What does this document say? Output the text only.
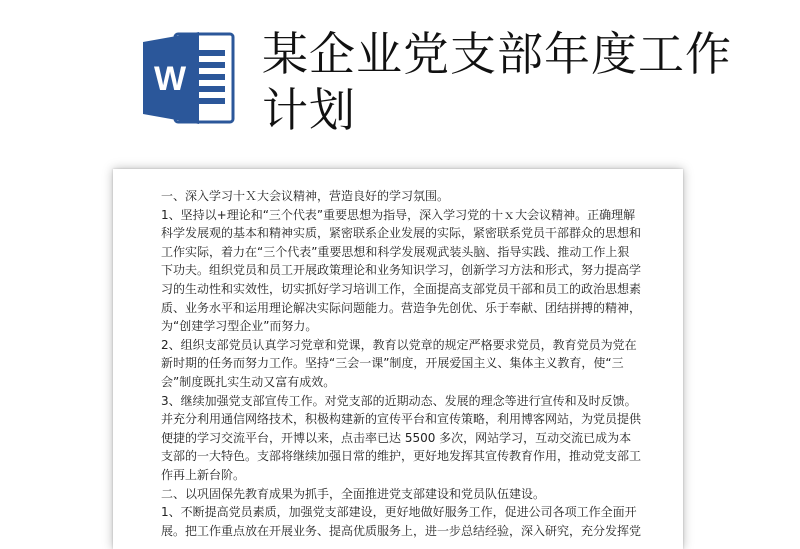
W 某企业党支部年度工作计划

一、深入学习十Ｘ大会议精神，营造良好的学习氛围。

1、坚持以+理论和“三个代表”重要思想为指导，深入学习党的十ｘ大会议精神。正确理解科学发展观的基本和精神实质，紧密联系企业发展的实际，紧密联系党员干部群众的思想和工作实际，着力在“三个代表”重要思想和科学发展观武装头脑、指导实践、推动工作上狠下功夫。组织党员和员工开展政策理论和业务知识学习，创新学习方法和形式，努力提高学习的生动性和实效性，切实抓好学习培训工作，全面提高支部党员干部和员工的政治思想素质、业务水平和运用理论解决实际问题能力。营造争先创优、乐于奉献、团结拼搏的精神，为“创建学习型企业”而努力。

2、组织支部党员认真学习党章和党课，教育以党章的规定严格要求党员，教育党员为党在新时期的任务而努力工作。坚持“三会一课”制度，开展爱国主义、集体主义教育，使“三会”制度既扎实生动又富有成效。

3、继续加强党支部宣传工作。对党支部的近期动态、发展的理念等进行宣传和及时反馈。并充分利用通信网络技术，积极构建新的宣传平台和宣传策略，利用博客网站，为党员提供便捷的学习交流平台，开博以来，点击率已达 5500 多次，网站学习，互动交流已成为本支部的一大特色。支部将继续加强日常的维护，更好地发挥其宣传教育作用，推动党支部工作再上新台阶。

二、以巩固保先教育成果为抓手，全面推进党支部建设和党员队伍建设。

1、不断提高党员素质，加强党支部建设，更好地做好服务工作，促进公司各项工作全面开展。把工作重点放在开展业务、提高优质服务上，进一步总结经验，深入研究，充分发挥党
